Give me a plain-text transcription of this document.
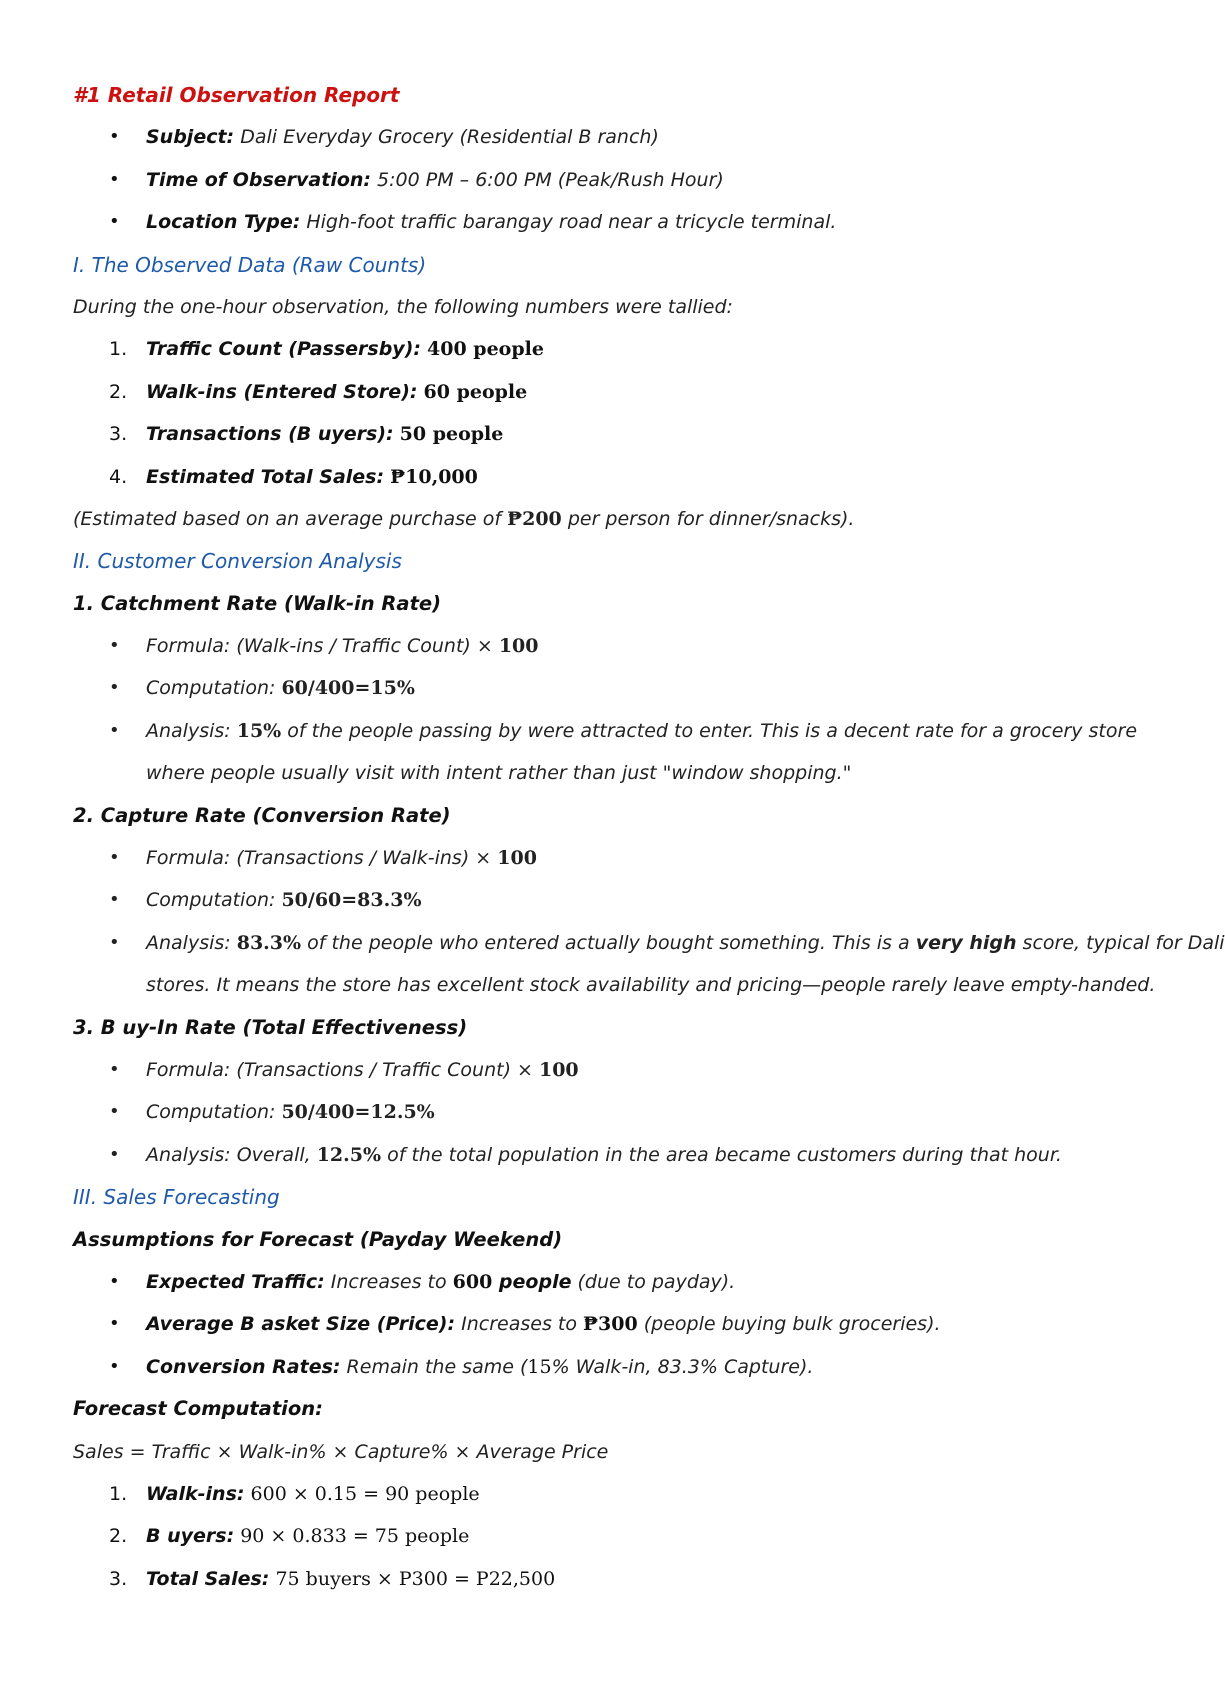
#1 Retail Observation Report
• Subject: Dali Everyday Grocery (Residential B ranch)
• Time of Observation: 5:00 PM – 6:00 PM (Peak/Rush Hour)
• Location Type: High-foot traffic barangay road near a tricycle terminal.
I. The Observed Data (Raw Counts)
During the one-hour observation, the following numbers were tallied:
1. Traffic Count (Passersby): 400 people
2. Walk-ins (Entered Store): 60 people
3. Transactions (B uyers): 50 people
4. Estimated Total Sales: ₱10,000
(Estimated based on an average purchase of ₱200 per person for dinner/snacks).
II. Customer Conversion Analysis
1. Catchment Rate (Walk-in Rate)
• Formula: (Walk-ins / Traffic Count) × 100
• Computation: 60/400=15%
• Analysis: 15% of the people passing by were attracted to enter. This is a decent rate for a grocery store
where people usually visit with intent rather than just "window shopping."
2. Capture Rate (Conversion Rate)
• Formula: (Transactions / Walk-ins) × 100
• Computation: 50/60=83.3%
• Analysis: 83.3% of the people who entered actually bought something. This is a very high score, typical for Dali
stores. It means the store has excellent stock availability and pricing—people rarely leave empty-handed.
3. B uy-In Rate (Total Effectiveness)
• Formula: (Transactions / Traffic Count) × 100
• Computation: 50/400=12.5%
• Analysis: Overall, 12.5% of the total population in the area became customers during that hour.
III. Sales Forecasting
Assumptions for Forecast (Payday Weekend)
• Expected Traffic: Increases to 600 people (due to payday).
• Average B asket Size (Price): Increases to ₱300 (people buying bulk groceries).
• Conversion Rates: Remain the same (15% Walk-in, 83.3% Capture).
Forecast Computation:
Sales = Traffic × Walk-in% × Capture% × Average Price
1. Walk-ins: 600 × 0.15 = 90 people
2. B uyers: 90 × 0.833 = 75 people
3. Total Sales: 75 buyers × P300 = P22,500
